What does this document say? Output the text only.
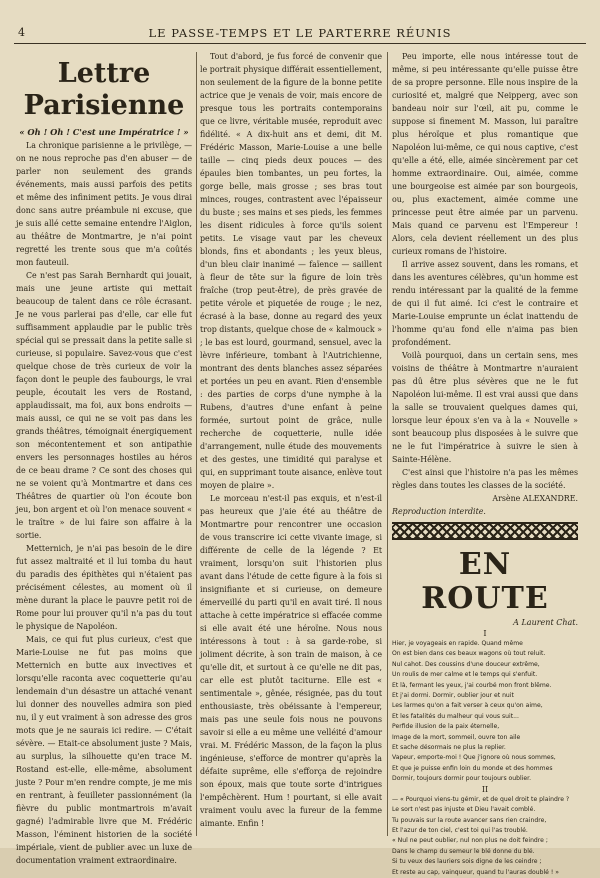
4	LE PASSE-TEMPS ET LE PARTERRE RÉUNIS
Lettre Parisienne

« Oh ! Oh ! C'est une Impératrice ! »

La chronique parisienne a le privilège, — on ne nous reproche pas d'en abuser — de parler non seulement des grands événements, mais aussi parfois des petits et même des infiniment petits. Je vous dirai donc sans autre préambule ni excuse, que je suis allé cette semaine entendre l'Aiglon, au théâtre de Montmartre, je n'ai point regretté les trente sous que m'a coûtés mon fauteuil.

Ce n'est pas Sarah Bernhardt qui jouait, mais une jeune artiste qui mettait beaucoup de talent dans ce rôle écrasant. Je ne vous parlerai pas d'elle, car elle fut suffisamment applaudie par le public très spécial qui se pressait dans la petite salle si curieuse, si populaire. Savez-vous que c'est quelque chose de très curieux de voir la façon dont le peuple des faubourgs, le vrai peuple, écoutait les vers de Rostand, applaudissait, ma foi, aux bons endroits — mais aussi, ce qui ne se voit pas dans les grands théâtres, témoignait énergiquement son mécontentement et son antipathie envers les personnages hostiles au héros de ce beau drame ? Ce sont des choses qui ne se voient qu'à Montmartre et dans ces Théâtres de quartier où l'on écoute bon jeu, bon argent et où l'on menace souvent « le traître » de lui faire son affaire à la sortie.

Metternich, je n'ai pas besoin de le dire fut assez maltraité et il lui tomba du haut du paradis des épithètes qui n'étaient pas précisément célestes, au moment où il mène durant la place le pauvre petit roi de Rome pour lui prouver qu'il n'a pas du tout le physique de Napoléon.

Mais, ce qui fut plus curieux, c'est que Marie-Louise ne fut pas moins que Metternich en butte aux invectives et lorsqu'elle raconta avec coquetterie qu'au lendemain d'un désastre un attaché venant lui donner des nouvelles admira son pied nu, il y eut vraiment à son adresse des gros mots que je ne saurais ici redire. — C'était sévère. — Etait-ce absolument juste ? Mais, au surplus, la silhouette qu'en trace M. Rostand est-elle, elle-même, absolument juste ? Pour m'en rendre compte, je me mis en rentrant, à feuilleter passionnément (la fièvre du public montmartrois m'avait gagné) l'admirable livre que M. Frédéric Masson, l'éminent historien de la société impériale, vient de publier avec un luxe de documentation vraiment extraordinaire.

Tout d'abord, je fus forcé de convenir que le portrait physique différait essentiellement, non seulement de la figure de la bonne petite actrice que je venais de voir, mais encore de presque tous les portraits contemporains que ce livre, véritable musée, reproduit avec fidélité. « A dix-huit ans et demi, dit M. Frédéric Masson, Marie-Louise a une belle taille — cinq pieds deux pouces — des épaules bien tombantes, un peu fortes, la gorge belle, mais grosse ; ses bras tout minces, rouges, contrastent avec l'épaisseur du buste ; ses mains et ses pieds, les femmes les disent ridicules à force qu'ils soient petits. Le visage vaut par les cheveux blonds, fins et abondants ; les yeux bleus, d'un bleu clair inanimé — faïence — saillent à fleur de tête sur la figure de loin très fraîche (trop peut-être), de près gravée de petite vérole et piquetée de rouge ; le nez, écrasé à la base, donne au regard des yeux trop distants, quelque chose de « kalmouck » ; le bas est lourd, gourmand, sensuel, avec la lèvre inférieure, tombant à l'Autrichienne, montrant des dents blanches assez séparées et portées un peu en avant. Rien d'ensemble : des parties de corps d'une nymphe à la Rubens, d'autres d'une enfant à peine formée, surtout point de grâce, nulle recherche de coquetterie, nulle idée d'arrangement, nulle étude des mouvements et des gestes, une timidité qui paralyse et qui, en supprimant toute aisance, enlève tout moyen de plaire ».

Le morceau n'est-il pas exquis, et n'est-il pas heureux que j'aie été au théâtre de Montmartre pour rencontrer une occasion de vous transcrire ici cette vivante image, si différente de celle de la légende ? Et vraiment, lorsqu'on suit l'historien plus avant dans l'étude de cette figure à la fois si insignifiante et si curieuse, on demeure émerveillé du parti qu'il en avait tiré. Il nous attache à cette impératrice si effacée comme si elle avait été une héroïne. Nous nous intéressons à tout : à sa garde-robe, si joliment décrite, à son train de maison, à ce qu'elle dit, et surtout à ce qu'elle ne dit pas, car elle est plutôt taciturne. Elle est « sentimentale », gênée, résignée, pas du tout enthousiaste, très obéissante à l'empereur, mais pas une seule fois nous ne pouvons savoir si elle a eu même une velléité d'amour vrai. M. Frédéric Masson, de la façon la plus ingénieuse, s'efforce de montrer qu'après la défaite suprême, elle s'efforça de rejoindre son époux, mais que toute sorte d'intrigues l'empêchèrent. Hum ! pourtant, si elle avait vraiment voulu avec la fureur de la femme aimante. Enfin !

Peu importe, elle nous intéresse tout de même, si peu intéressante qu'elle puisse être de sa propre personne. Elle nous inspire de la curiosité et, malgré que Neipperg, avec son bandeau noir sur l'œil, ait pu, comme le suppose si finement M. Masson, lui paraître plus héroïque et plus romantique que Napoléon lui-même, ce qui nous captive, c'est qu'elle a été, elle, aimée sincèrement par cet homme extraordinaire. Oui, aimée, comme une bourgeoise est aimée par son bourgeois, ou, plus exactement, aimée comme une princesse peut être aimée par un parvenu. Mais quand ce parvenu est l'Empereur ! Alors, cela devient réellement un des plus curieux romans de l'histoire.

Il arrive assez souvent, dans les romans, et dans les aventures célèbres, qu'un homme est rendu intéressant par la qualité de la femme de qui il fut aimé. Ici c'est le contraire et Marie-Louise emprunte un éclat inattendu de l'homme qu'au fond elle n'aima pas bien profondément.

Voilà pourquoi, dans un certain sens, mes voisins de théâtre à Montmartre n'auraient pas dû être plus sévères que ne le fut Napoléon lui-même. Il est vrai aussi que dans la salle se trouvaient quelques dames qui, lorsque leur époux s'en va à la « Nouvelle » sont beaucoup plus disposées à le suivre que ne le fut l'impératrice à suivre le sien à Sainte-Hélène.

C'est ainsi que l'histoire n'a pas les mêmes règles dans toutes les classes de la société.

Arsène ALEXANDRE.

Reproduction interdite.

EN ROUTE

A Laurent Chat.

I

Hier, je voyageais en rapide. Quand même
On est bien dans ces beaux wagons où tout reluit.
Nul cahot. Des coussins d'une douceur extrême,
Un roulis de mer calme et le temps qui s'enfuit.
Et là, fermant les yeux, j'ai courbé mon front blême.
Et j'ai dormi. Dormir, oublier jour et nuit
Les larmes qu'on a fait verser à ceux qu'on aime,
Et les fatalités du malheur qui vous suit...
Perfide illusion de la paix éternelle,
Image de la mort, sommeil, ouvre ton aile
Et sache désormais ne plus la replier.
Vapeur, emporte-moi ! Que j'ignore où nous sommes,
Et que je puisse enfin loin du monde et des hommes
Dormir, toujours dormir pour toujours oublier.

II

— « Pourquoi viens-tu gémir, et de quel droit te plaindre ?
Le sort n'est pas injuste et Dieu l'avait comblé.
Tu pouvais sur la route avancer sans rien craindre,
Et l'azur de ton ciel, c'est toi qui l'as troublé.
« Nul ne peut oublier, nul non plus ne doit feindre ;
Dans le champ du semeur le blé donne du blé.
Si tu veux des lauriers sois digne de les ceindre ;
Et reste au cap, vainqueur, quand tu l'auras doublé ! »
